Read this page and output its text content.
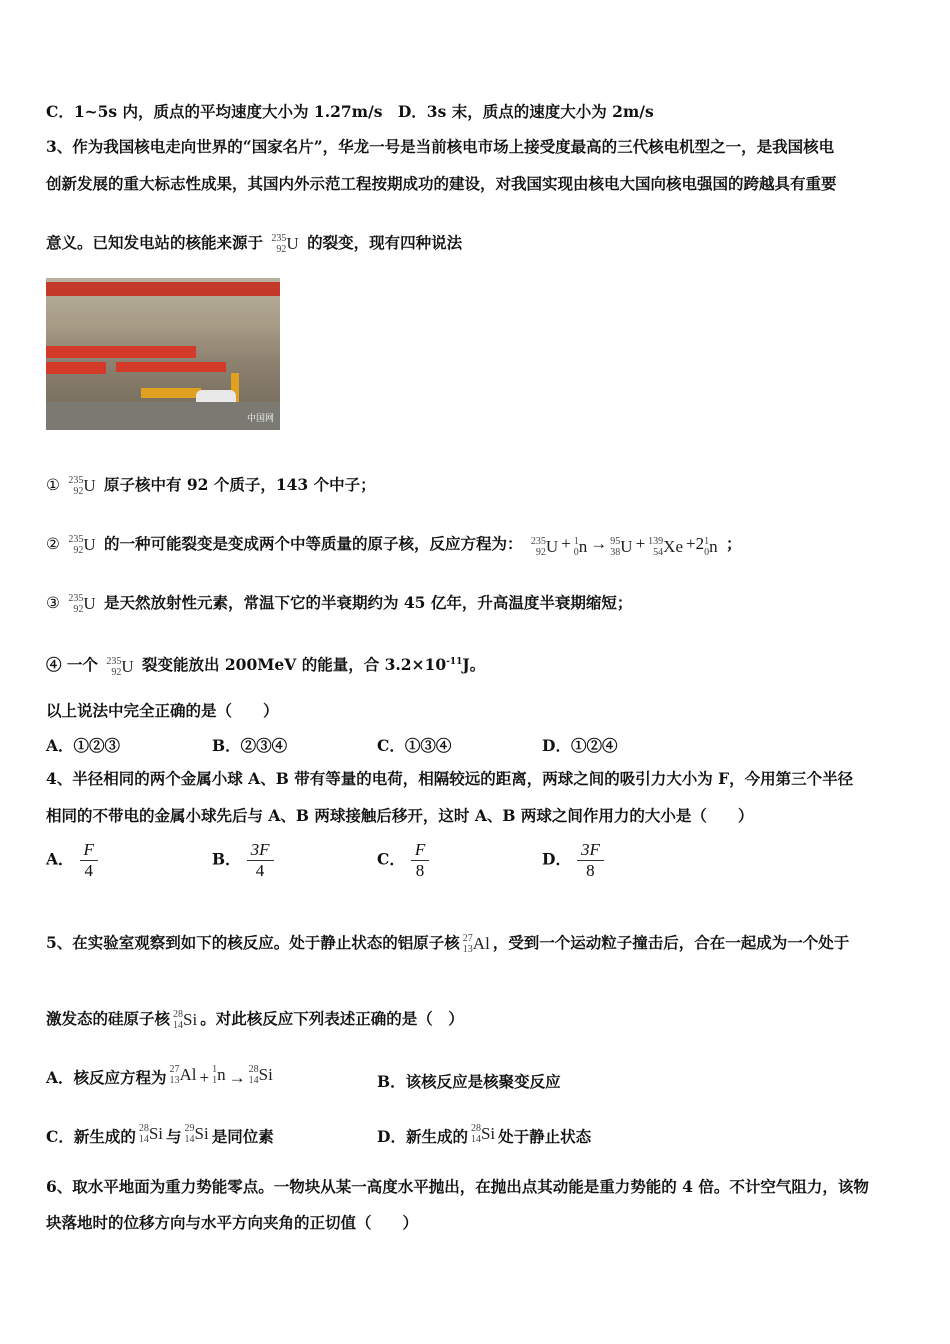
C．1~5s 内，质点的平均速度大小为 1.27m/s D．3s 末，质点的速度大小为 2m/s
3、作为我国核电走向世界的“国家名片”，华龙一号是当前核电市场上接受度最高的三代核电机型之一，是我国核电
创新发展的重大标志性成果，其国内外示范工程按期成功的建设，对我国实现由核电大国向核电强国的跨越具有重要
意义。已知发电站的核能来源于 235
92U 的裂变，现有四种说法
中国网
① 235
92U 原子核中有 92 个质子，143 个中子；
② 235
92U 的一种可能裂变是变成两个中等质量的原子核，反应方程为： 235
92U + 1
0n → 95
38U + 139
54Xe +21
0n ；
③ 235
92U 是天然放射性元素，常温下它的半衰期约为 45 亿年，升高温度半衰期缩短；
④ 一个 235
92U 裂变能放出 200MeV 的能量，合 $3.2\times 10^{-11}J$。
以上说法中完全正确的是（　　）
A．①②③	B．②③④	C．①③④	D．①②④
4、半径相同的两个金属小球 A、B 带有等量的电荷，相隔较远的距离，两球之间的吸引力大小为 F，今用第三个半径
相同的不带电的金属小球先后与 A、B 两球接触后移开，这时 A、B 两球之间作用力的大小是（　　）
A． $\frac{F}{4}$	B． $\frac{3F}{4}$	C． $\frac{F}{8}$	D． $\frac{3F}{8}$
5、在实验室观察到如下的核反应。处于静止状态的铝原子核 27
13Al ，受到一个运动粒子撞击后，合在一起成为一个处于
激发态的硅原子核 28
14Si 。对此核反应下列表述正确的是（　）
A．核反应方程为 27
13Al + 1
1n → 28
14Si	B．该核反应是核聚变反应
C．新生成的 28
14Si 与 29
14Si 是同位素	D．新生成的 28
14Si 处于静止状态
6、取水平地面为重力势能零点。一物块从某一高度水平抛出，在抛出点其动能是重力势能的 4 倍。不计空气阻力，该物
块落地时的位移方向与水平方向夹角的正切值（　　）
